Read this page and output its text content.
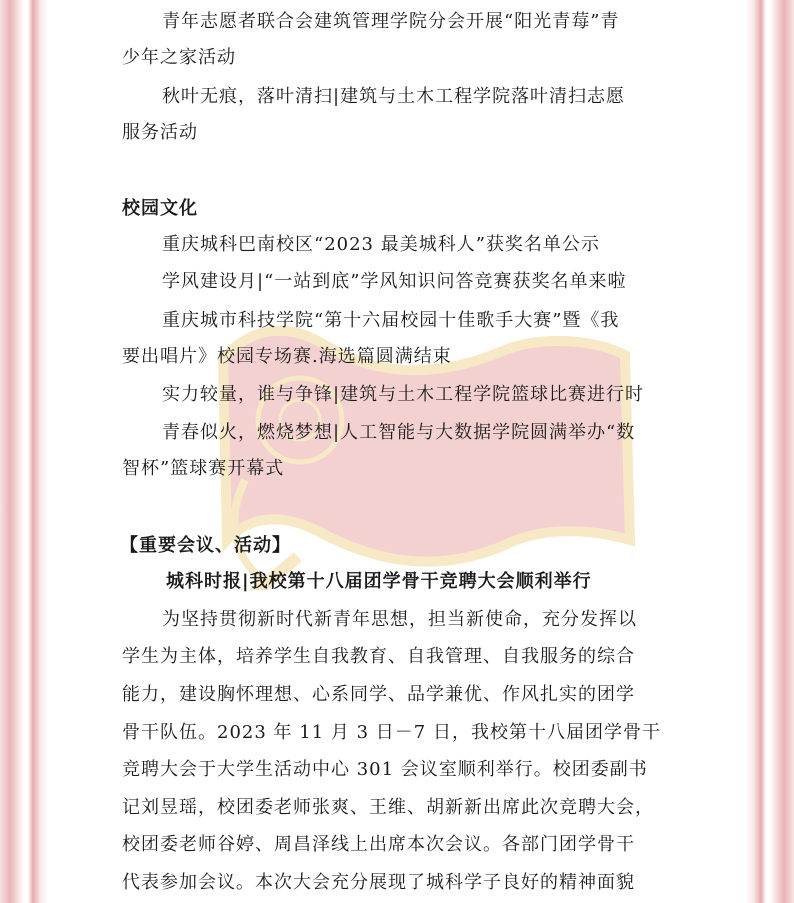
青年志愿者联合会建筑管理学院分会开展“阳光青莓”青
少年之家活动
秋叶无痕，落叶清扫|建筑与土木工程学院落叶清扫志愿
服务活动
校园文化
重庆城科巴南校区“2023 最美城科人”获奖名单公示
学风建设月|“一站到底”学风知识问答竞赛获奖名单来啦
重庆城市科技学院“第十六届校园十佳歌手大赛”暨《我
要出唱片》校园专场赛.海选篇圆满结束
实力较量，谁与争锋|建筑与土木工程学院篮球比赛进行时
青春似火，燃烧梦想|人工智能与大数据学院圆满举办“数
智杯”篮球赛开幕式
【重要会议、活动】
城科时报|我校第十八届团学骨干竞聘大会顺利举行
为坚持贯彻新时代新青年思想，担当新使命，充分发挥以
学生为主体，培养学生自我教育、自我管理、自我服务的综合
能力，建设胸怀理想、心系同学、品学兼优、作风扎实的团学
骨干队伍。2023 年 11 月 3 日－7 日，我校第十八届团学骨干
竞聘大会于大学生活动中心 301 会议室顺利举行。校团委副书
记刘昱瑶，校团委老师张爽、王维、胡新新出席此次竞聘大会，
校团委老师谷婷、周昌泽线上出席本次会议。各部门团学骨干
代表参加会议。本次大会充分展现了城科学子良好的精神面貌
